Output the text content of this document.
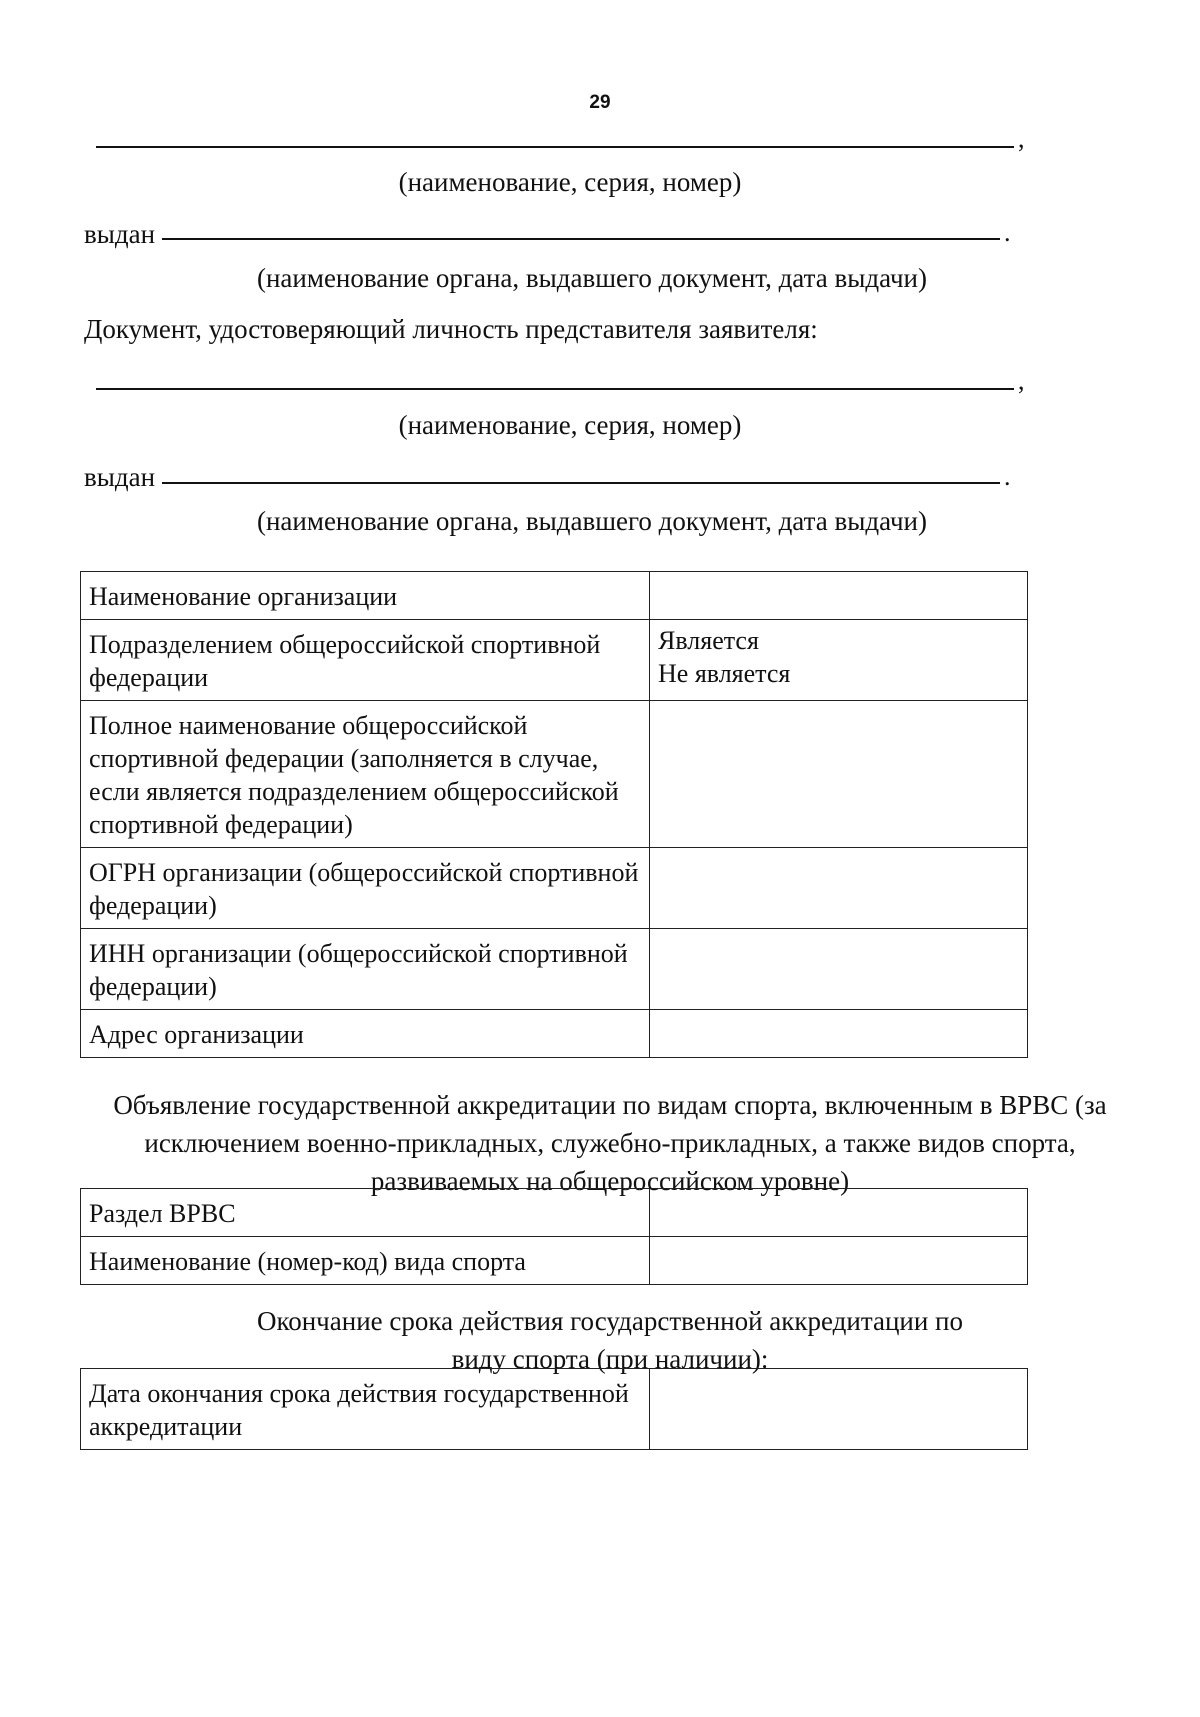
29
,
(наименование, серия, номер)
выдан	.
(наименование органа, выдавшего документ, дата выдачи)
Документ, удостоверяющий личность представителя заявителя:
,
(наименование, серия, номер)
выдан	.
(наименование органа, выдавшего документ, дата выдачи)
Наименование организации	
Подразделением общероссийской спортивной федерации	Является
Не является

Полное наименование общероссийской спортивной федерации (заполняется в случае, если является подразделением общероссийской спортивной федерации)	
ОГРН организации (общероссийской спортивной федерации)	
ИНН организации (общероссийской спортивной федерации)	
Адрес организации	
Объявление государственной аккредитации по видам спорта, включенным в ВРВС (за исключением военно-прикладных, служебно-прикладных, а также видов спорта, развиваемых на общероссийском уровне)
Раздел ВРВС	
Наименование (номер-код) вида спорта	
Окончание срока действия государственной аккредитации по виду спорта (при наличии):
Дата окончания срока действия государственной аккредитации	
